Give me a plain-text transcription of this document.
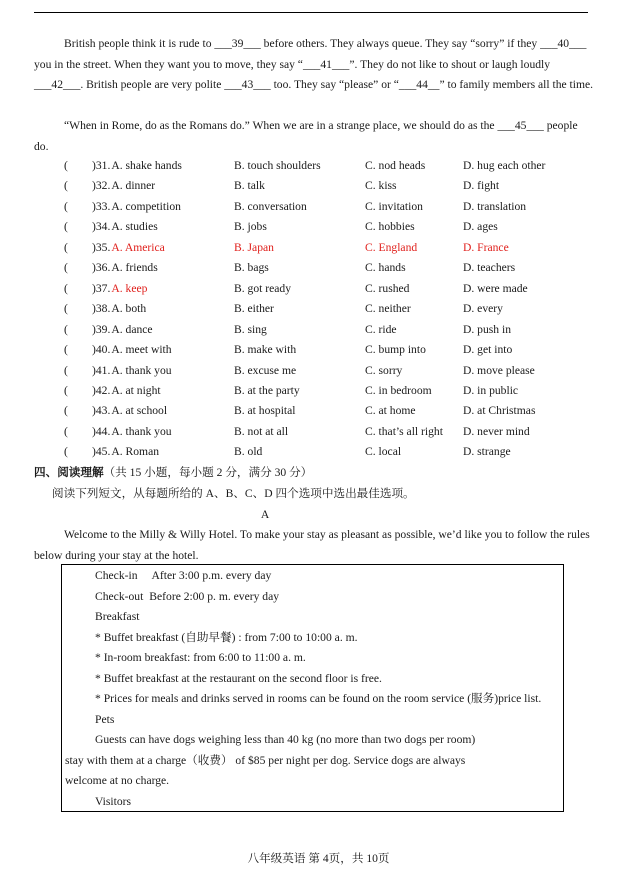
British people think it is rude to ___39___ before others. They always queue. They say “sorry” if they ___40___ you in the street. When they want you to move, they say “___41___”. They do not like to shout or laugh loudly ___42___. British people are very polite ___43___ too. They say “please” or “___44__” to family members all the time.

“When in Rome, do as the Romans do.” When we are in a strange place, we should do as the ___45___ people do.

( )31.A. shake hands	B. touch shoulders	C. nod heads	D. hug each other
( )32.A. dinner	B. talk	C. kiss	D. fight
( )33.A. competition	B. conversation	C. invitation	D. translation
( )34.A. studies	B. jobs	C. hobbies	D. ages
( )35.A. America	B. Japan	C. England	D. France
( )36.A. friends	B. bags	C. hands	D. teachers
( )37.A. keep	B. got ready	C. rushed	D. were made
( )38.A. both	B. either	C. neither	D. every
( )39.A. dance	B. sing	C. ride	D. push in
( )40.A. meet with	B. make with	C. bump into	D. get into
( )41.A. thank you	B. excuse me	C. sorry	D. move please
( )42.A. at night	B. at the party	C. in bedroom	D. in public
( )43.A. at school	B. at hospital	C. at home	D. at Christmas
( )44.A. thank you	B. not at all	C. that’s all right D. never mind
( )45.A. Roman	B. old	C. local	D. strange
四、阅读理解（共 15 小题，每小题 2 分，满分 30 分）
阅读下列短文，从每题所给的 A、B、C、D 四个选项中选出最佳选项。
A

Welcome to the Milly & Willy Hotel. To make your stay as pleasant as possible, we’d like you to follow the rules below during your stay at the hotel.

Check-in After 3:00 p.m. every day
Check-out Before 2:00 p. m. every day
Breakfast
* Buffet breakfast (自助早餐) : from 7:00 to 10:00 a. m.
* In-room breakfast: from 6:00 to 11:00 a. m.
* Buffet breakfast at the restaurant on the second floor is free.
* Prices for meals and drinks served in rooms can be found on the room service (服务)price list.
Pets
Guests can have dogs weighing less than 40 kg (no more than two dogs per room)
stay with them at a charge（收费） of $85 per night per dog. Service dogs are always
welcome at no charge.
Visitors
八年级英语 第 4页，共 10页
